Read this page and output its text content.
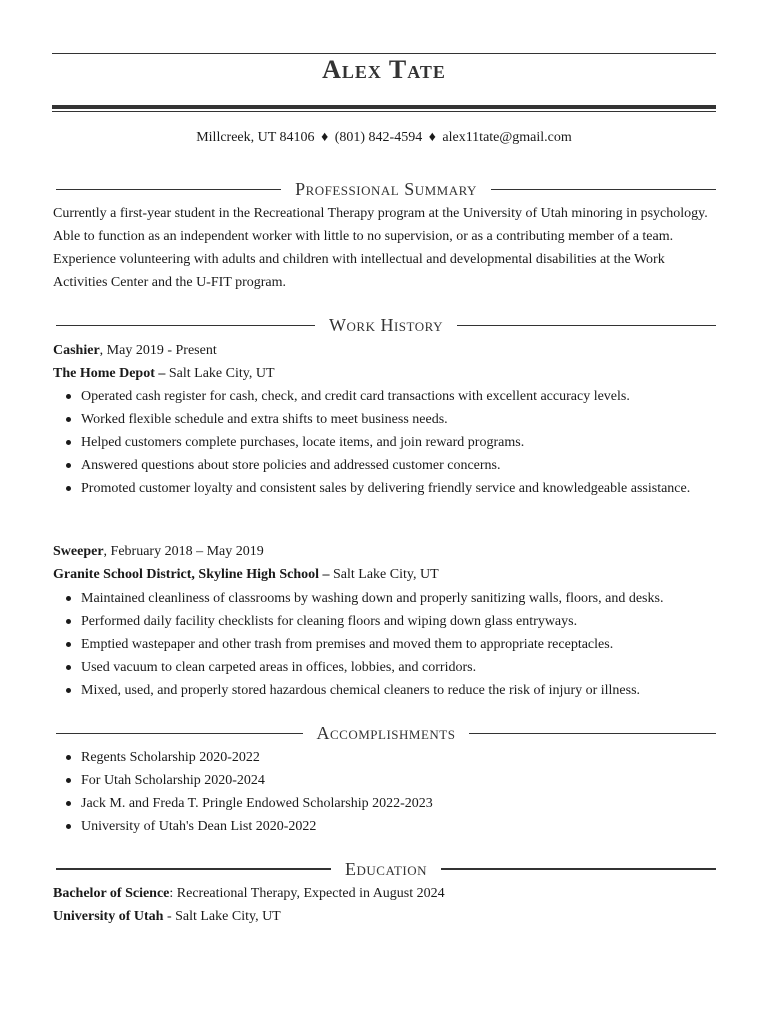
Alex Tate
Millcreek, UT 84106 ♦ (801) 842-4594 ♦ alex11tate@gmail.com
Professional Summary
Currently a first-year student in the Recreational Therapy program at the University of Utah minoring in psychology. Able to function as an independent worker with little to no supervision, or as a contributing member of a team. Experience volunteering with adults and children with intellectual and developmental disabilities at the Work Activities Center and the U-FIT program.
Work History
Cashier, May 2019 - Present
The Home Depot – Salt Lake City, UT
Operated cash register for cash, check, and credit card transactions with excellent accuracy levels.
Worked flexible schedule and extra shifts to meet business needs.
Helped customers complete purchases, locate items, and join reward programs.
Answered questions about store policies and addressed customer concerns.
Promoted customer loyalty and consistent sales by delivering friendly service and knowledgeable assistance.
Sweeper, February 2018 – May 2019
Granite School District, Skyline High School – Salt Lake City, UT
Maintained cleanliness of classrooms by washing down and properly sanitizing walls, floors, and desks.
Performed daily facility checklists for cleaning floors and wiping down glass entryways.
Emptied wastepaper and other trash from premises and moved them to appropriate receptacles.
Used vacuum to clean carpeted areas in offices, lobbies, and corridors.
Mixed, used, and properly stored hazardous chemical cleaners to reduce the risk of injury or illness.
Accomplishments
Regents Scholarship 2020-2022
For Utah Scholarship 2020-2024
Jack M. and Freda T. Pringle Endowed Scholarship 2022-2023
University of Utah's Dean List 2020-2022
Education
Bachelor of Science: Recreational Therapy, Expected in August 2024
University of Utah - Salt Lake City, UT
